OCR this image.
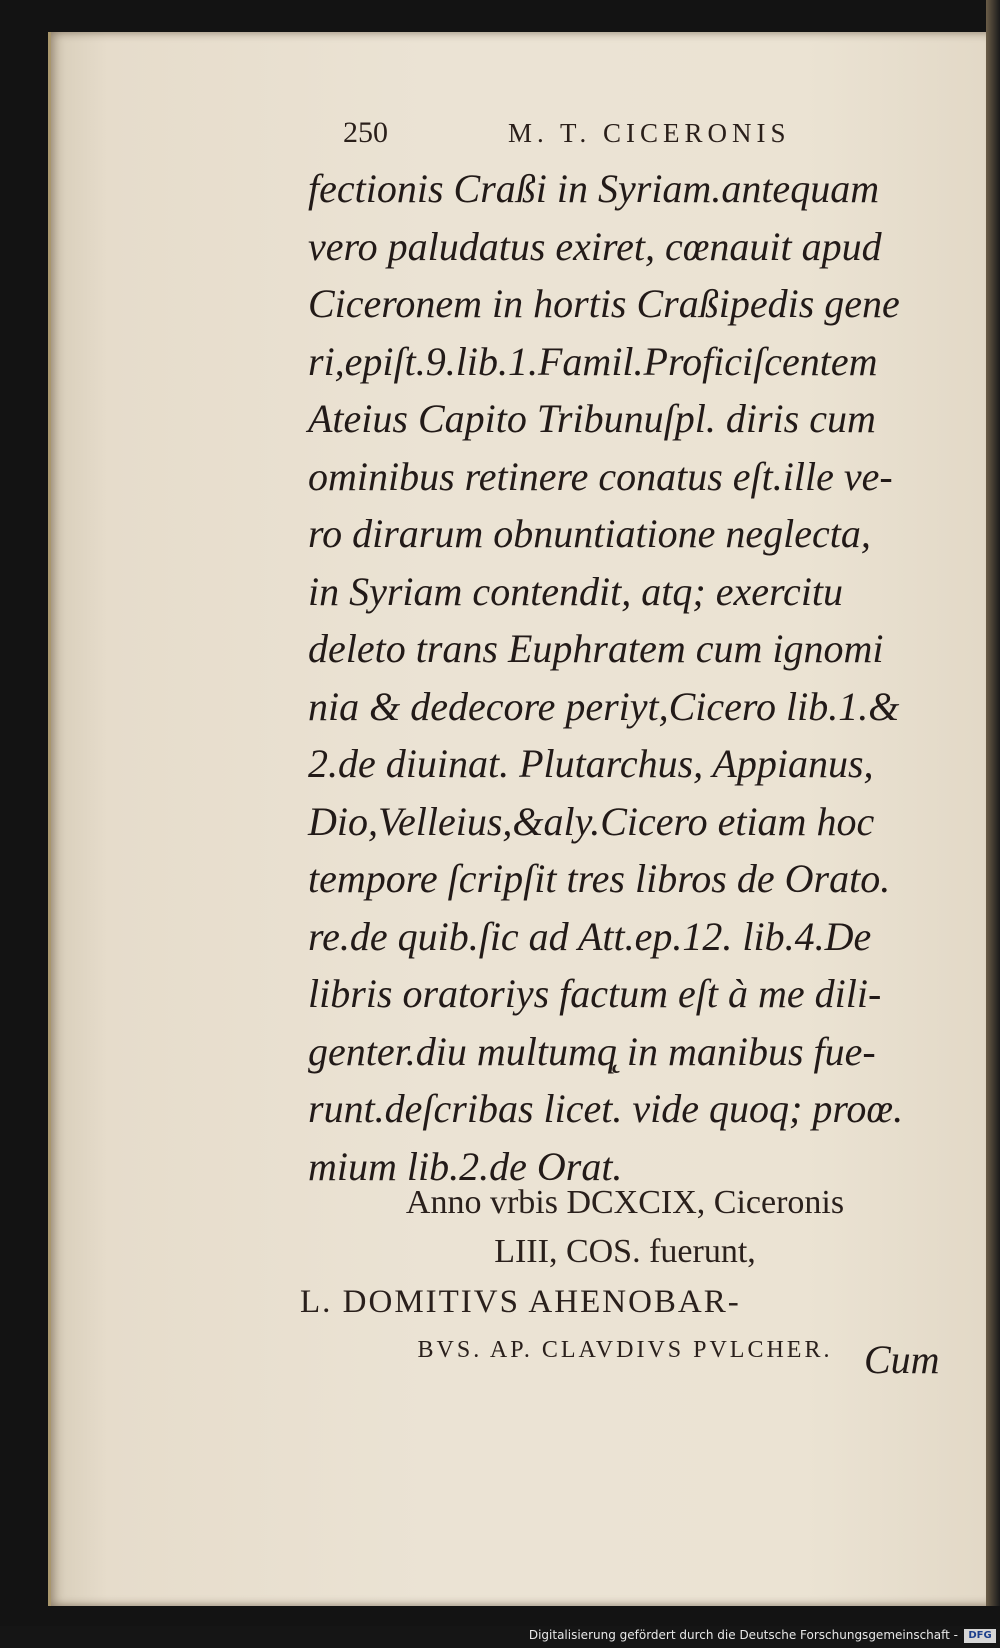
250	M. T. CICERONIS
fectionis Craßi in Syriam.antequam
vero paludatus exiret, cœnauit apud
Ciceronem in hortis Craßipedis gene
ri,epiſt.9.lib.1.Famil.Proficiſcentem
Ateius Capito Tribunuſpl. diris cum
ominibus retinere conatus eſt.ille ve-
ro dirarum obnuntiatione neglecta,
in Syriam contendit, atq; exercitu
deleto trans Euphratem cum ignomi
nia & dedecore periyt,Cicero lib.1.&
2.de diuinat. Plutarchus, Appianus,
Dio,Velleius,&aly.Cicero etiam hoc
tempore ſcripſit tres libros de Orato.
re.de quib.ſic ad Att.ep.12. lib.4.De
libris oratoriys factum eſt à me dili-
genter.diu multumq̨ in manibus fue-
runt.deſcribas licet. vide quoq; proœ.
mium lib.2.de Orat.
Anno vrbis DCXCIX, Ciceronis
LIII, COS. fuerunt,
L. DOMITIVS AHENOBAR-
BVS. AP. CLAVDIVS PVLCHER. Cum
Digitalisierung gefördert durch die Deutsche Forschungsgemeinschaft -	DFG
